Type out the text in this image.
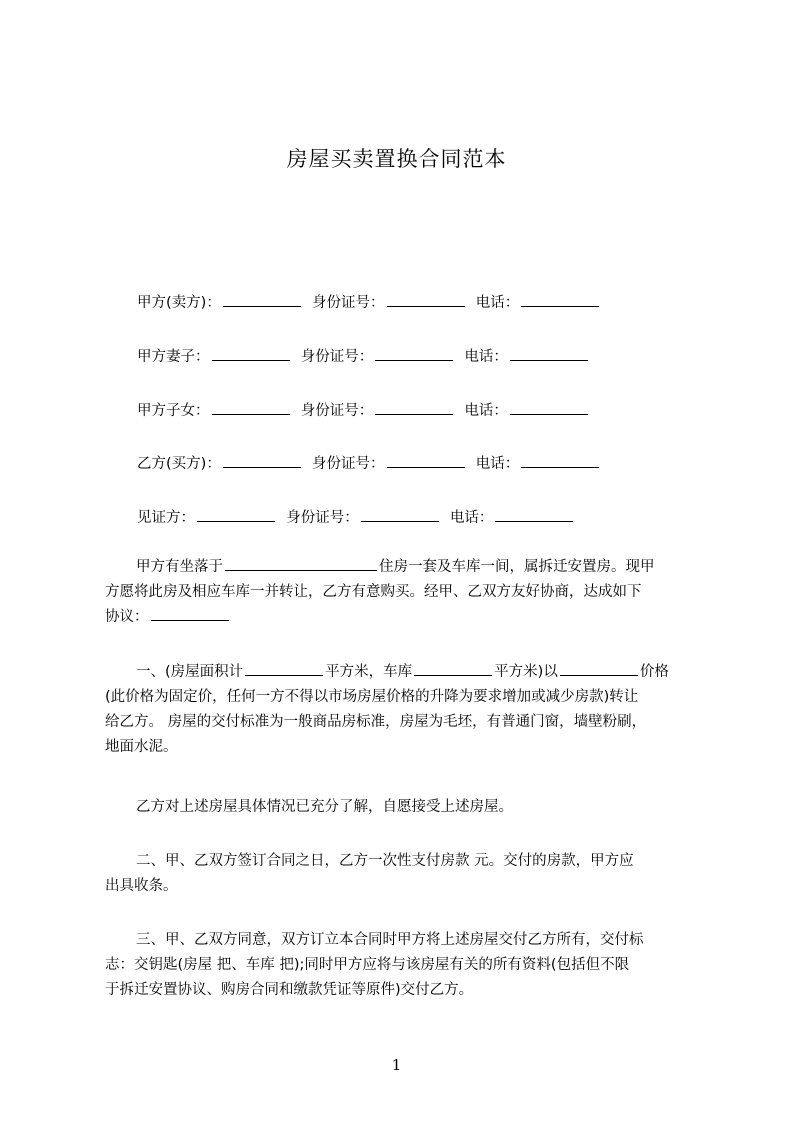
房屋买卖置换合同范本
甲方(卖方)：	身份证号：	电话：
甲方妻子：	身份证号：	电话：
甲方子女：	身份证号：	电话：
乙方(买方)：	身份证号：	电话：
见证方：	身份证号：	电话：
甲方有坐落于	住房一套及车库一间，属拆迁安置房。现甲
方愿将此房及相应车库一并转让，乙方有意购买。经甲、乙双方友好协商，达成如下
协议：
一、(房屋面积计	平方米，车库	平方米)以	价格
(此价格为固定价，任何一方不得以市场房屋价格的升降为要求增加或减少房款)转让
给乙方。 房屋的交付标准为一般商品房标准，房屋为毛坯，有普通门窗，墙壁粉刷，
地面水泥。
乙方对上述房屋具体情况已充分了解，自愿接受上述房屋。
二、甲、乙双方签订合同之日，乙方一次性支付房款 元。交付的房款，甲方应
出具收条。
三、甲、乙双方同意，双方订立本合同时甲方将上述房屋交付乙方所有，交付标
志：交钥匙(房屋 把、车库 把);同时甲方应将与该房屋有关的所有资料(包括但不限
于拆迁安置协议、购房合同和缴款凭证等原件)交付乙方。
1
